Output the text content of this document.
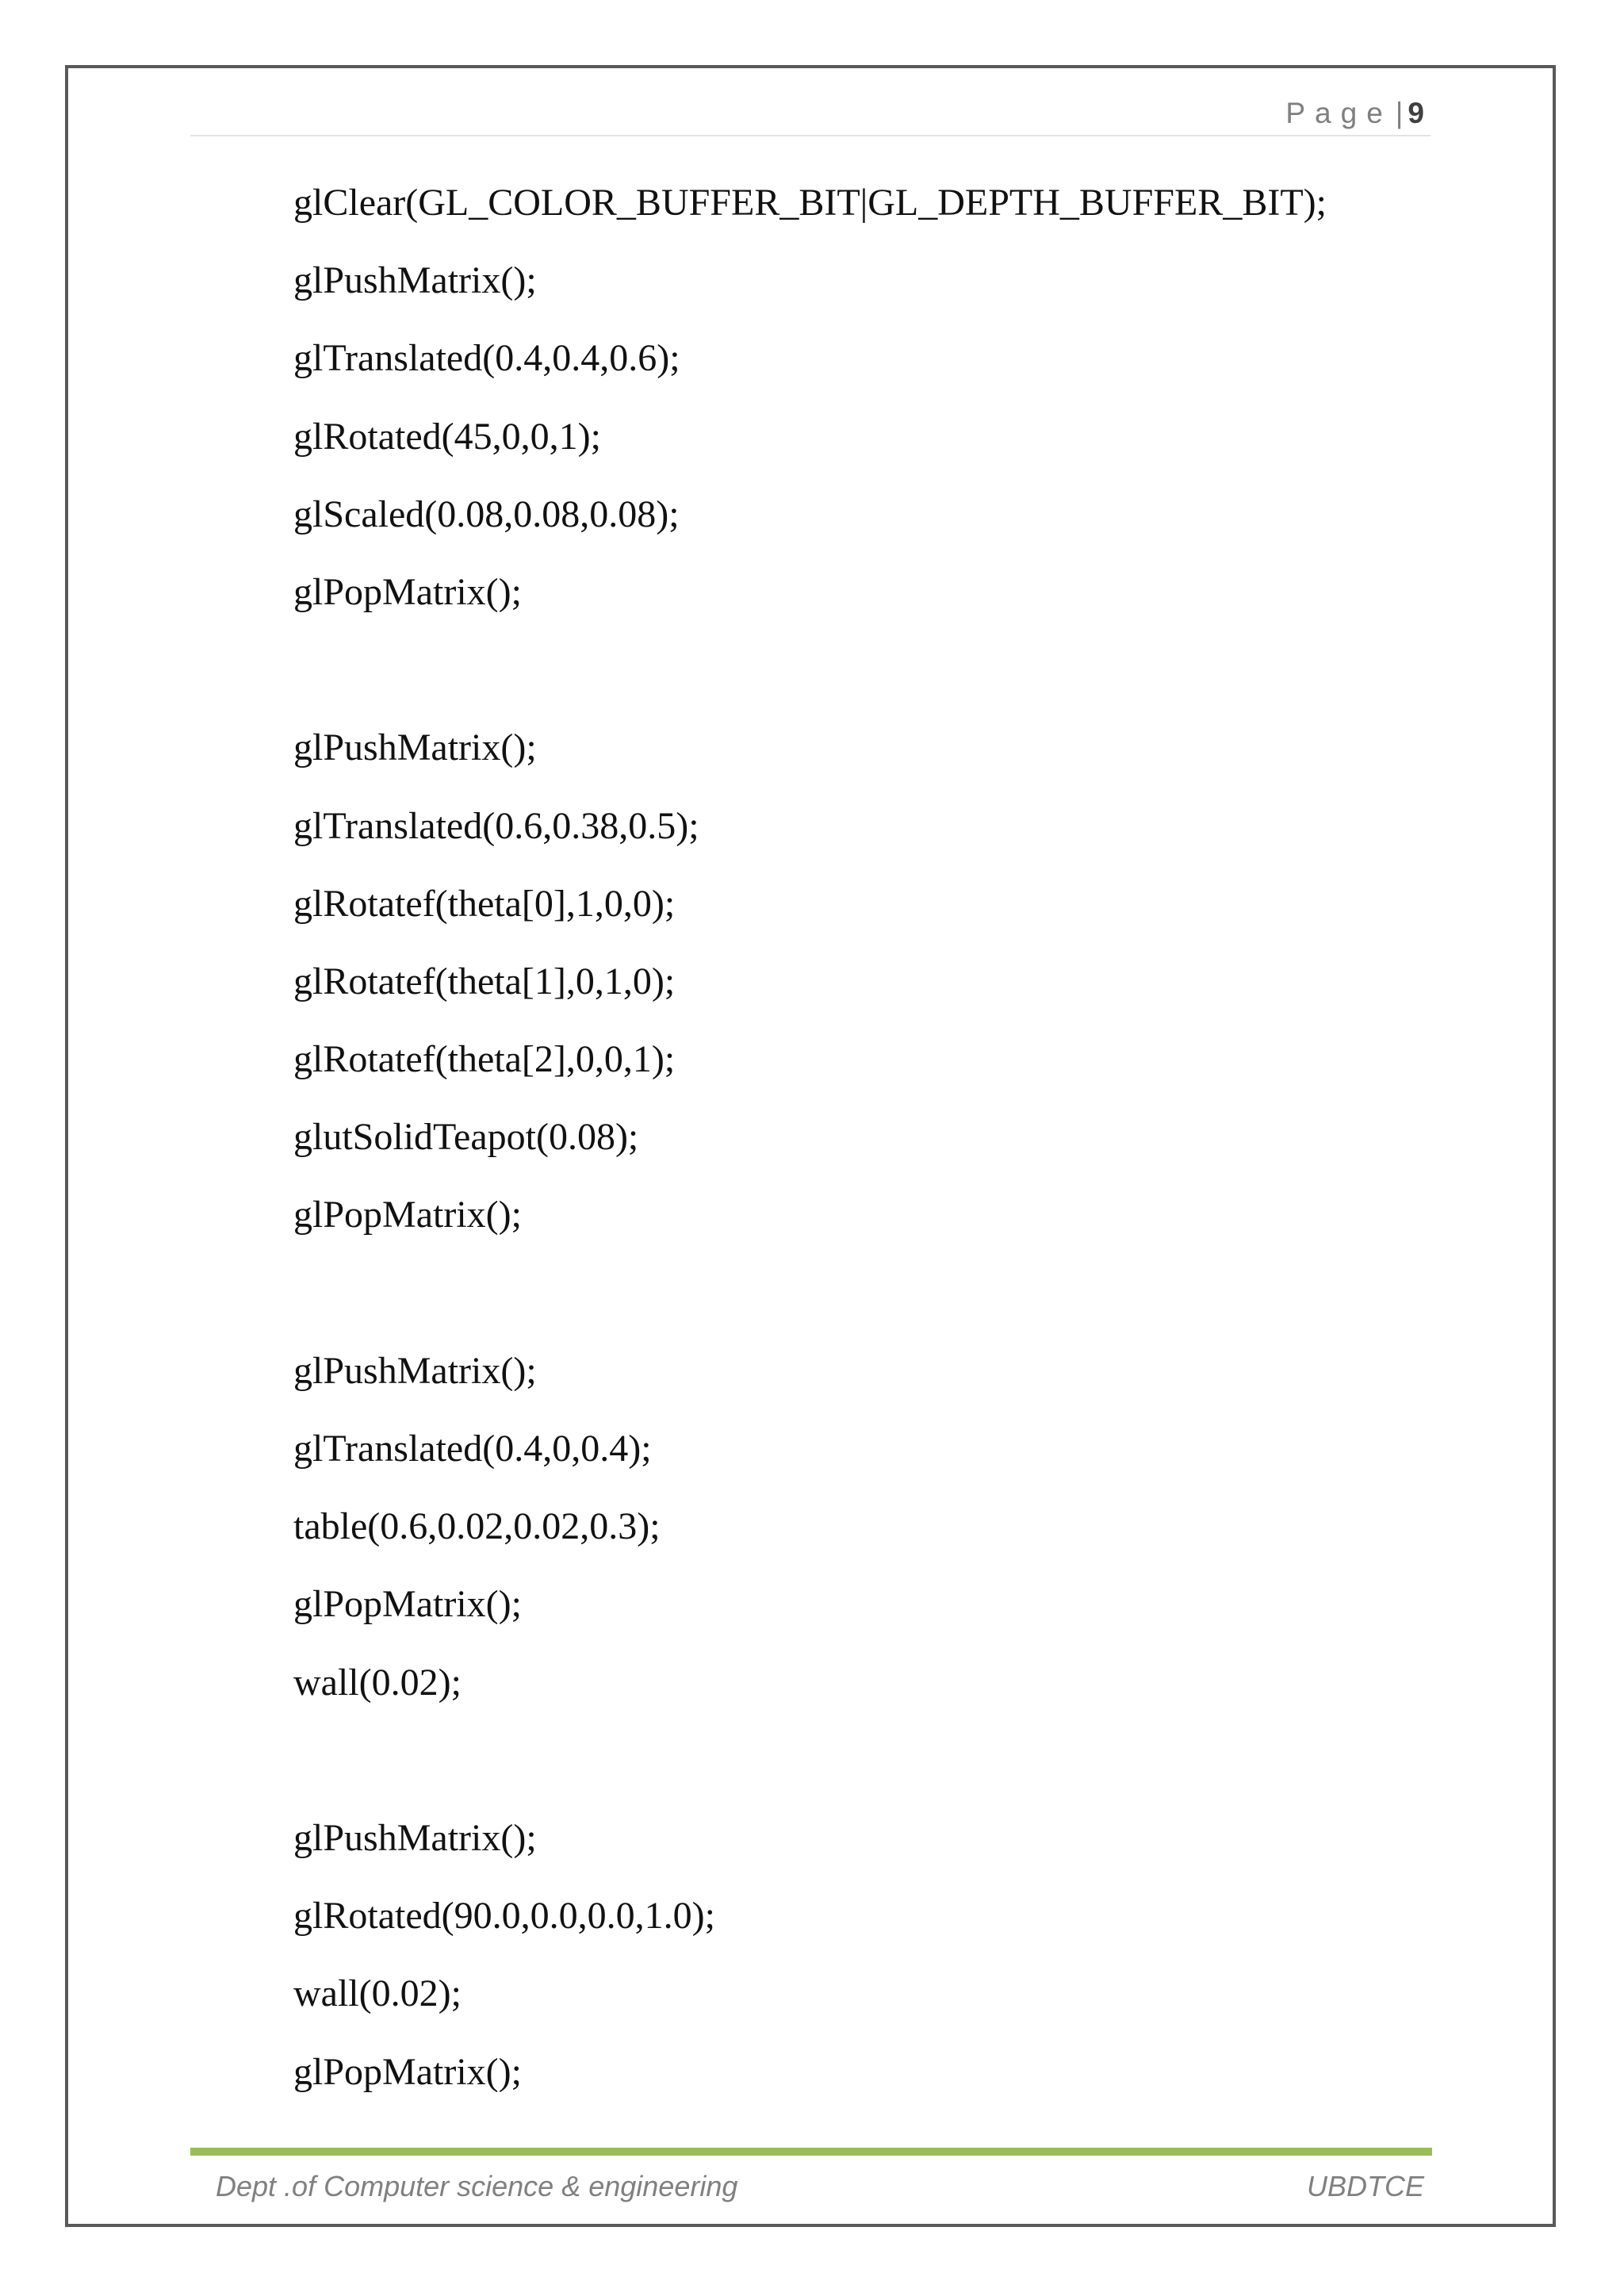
Page | 9
glClear(GL_COLOR_BUFFER_BIT|GL_DEPTH_BUFFER_BIT);
glPushMatrix();
glTranslated(0.4,0.4,0.6);
glRotated(45,0,0,1);
glScaled(0.08,0.08,0.08);
glPopMatrix();

glPushMatrix();
glTranslated(0.6,0.38,0.5);
glRotatef(theta[0],1,0,0);
glRotatef(theta[1],0,1,0);
glRotatef(theta[2],0,0,1);
glutSolidTeapot(0.08);
glPopMatrix();

glPushMatrix();
glTranslated(0.4,0,0.4);
table(0.6,0.02,0.02,0.3);
glPopMatrix();
wall(0.02);

glPushMatrix();
glRotated(90.0,0.0,0.0,1.0);
wall(0.02);
glPopMatrix();
Dept .of Computer science & engineering	UBDTCE
